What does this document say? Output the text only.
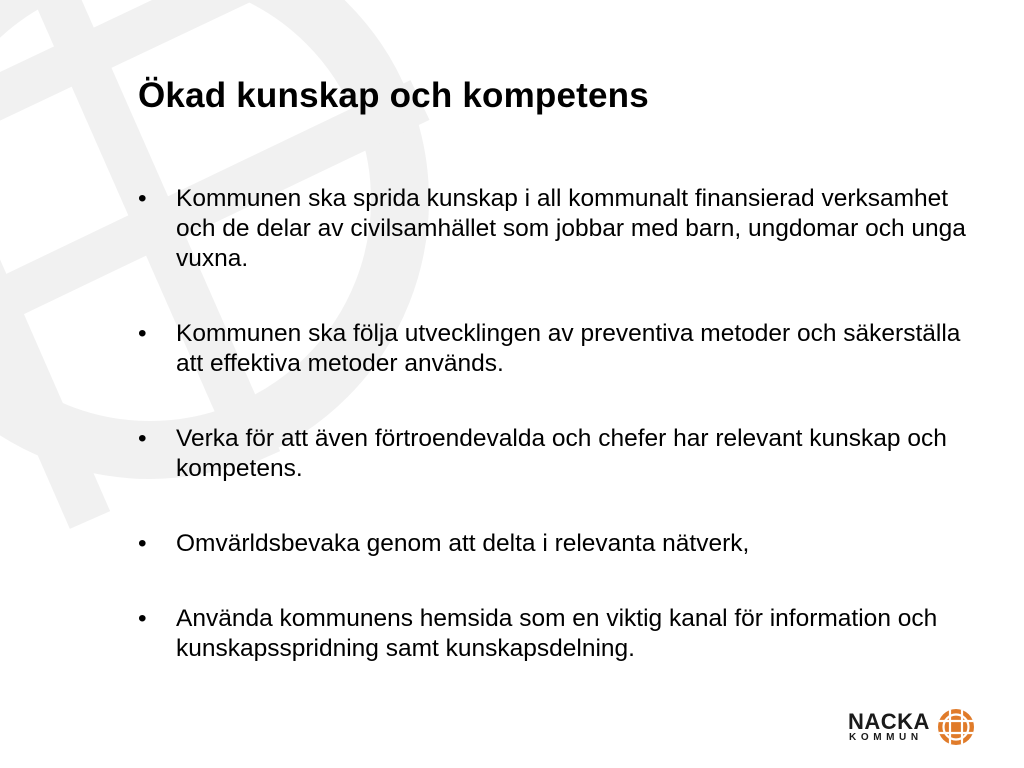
Ökad kunskap och kompetens
• Kommunen ska sprida kunskap i all kommunalt finansierad verksamhet och de delar av civilsamhället som jobbar med barn, ungdomar och unga vuxna.
• Kommunen ska följa utvecklingen av preventiva metoder och säkerställa att effektiva metoder används.
• Verka för att även förtroendevalda och chefer har relevant kunskap och kompetens.
• Omvärldsbevaka genom att delta i relevanta nätverk,
• Använda kommunens hemsida som en viktig kanal för information och kunskapsspridning samt kunskapsdelning.
NACKA
KOMMUN
